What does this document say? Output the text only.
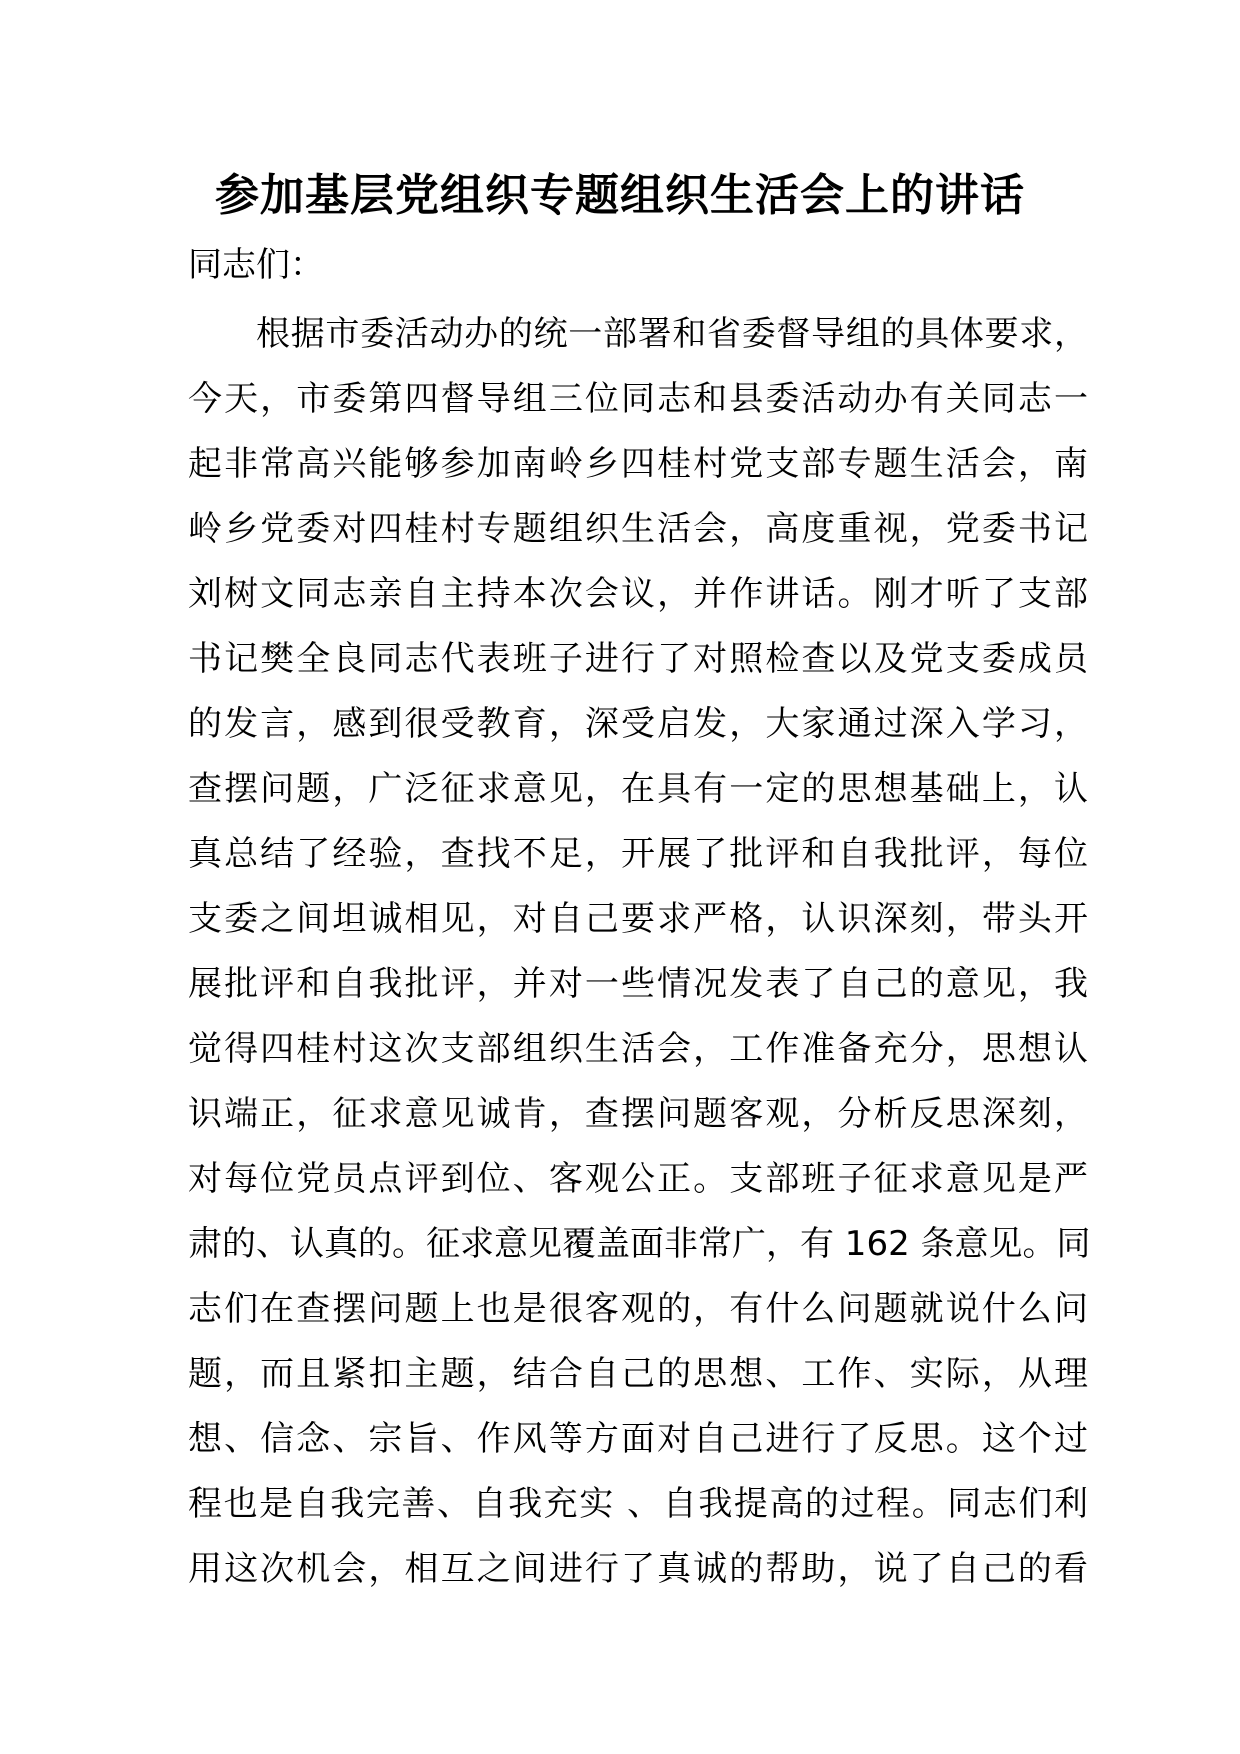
参加基层党组织专题组织生活会上的讲话
同志们：
根据市委活动办的统一部署和省委督导组的具体要求，
今天，市委第四督导组三位同志和县委活动办有关同志一
起非常高兴能够参加南岭乡四桂村党支部专题生活会，南
岭乡党委对四桂村专题组织生活会，高度重视，党委书记
刘树文同志亲自主持本次会议，并作讲话。刚才听了支部
书记樊全良同志代表班子进行了对照检查以及党支委成员
的发言，感到很受教育，深受启发，大家通过深入学习，
查摆问题，广泛征求意见，在具有一定的思想基础上，认
真总结了经验，查找不足，开展了批评和自我批评，每位
支委之间坦诚相见，对自己要求严格，认识深刻，带头开
展批评和自我批评，并对一些情况发表了自己的意见，我
觉得四桂村这次支部组织生活会，工作准备充分，思想认
识端正，征求意见诚肯，查摆问题客观，分析反思深刻，
对每位党员点评到位、客观公正。支部班子征求意见是严
肃的、认真的。征求意见覆盖面非常广，有 162 条意见。同
志们在查摆问题上也是很客观的，有什么问题就说什么问
题，而且紧扣主题，结合自己的思想、工作、实际，从理
想、信念、宗旨、作风等方面对自己进行了反思。这个过
程也是自我完善、自我充实 、自我提高的过程。同志们利
用这次机会，相互之间进行了真诚的帮助，说了自己的看
